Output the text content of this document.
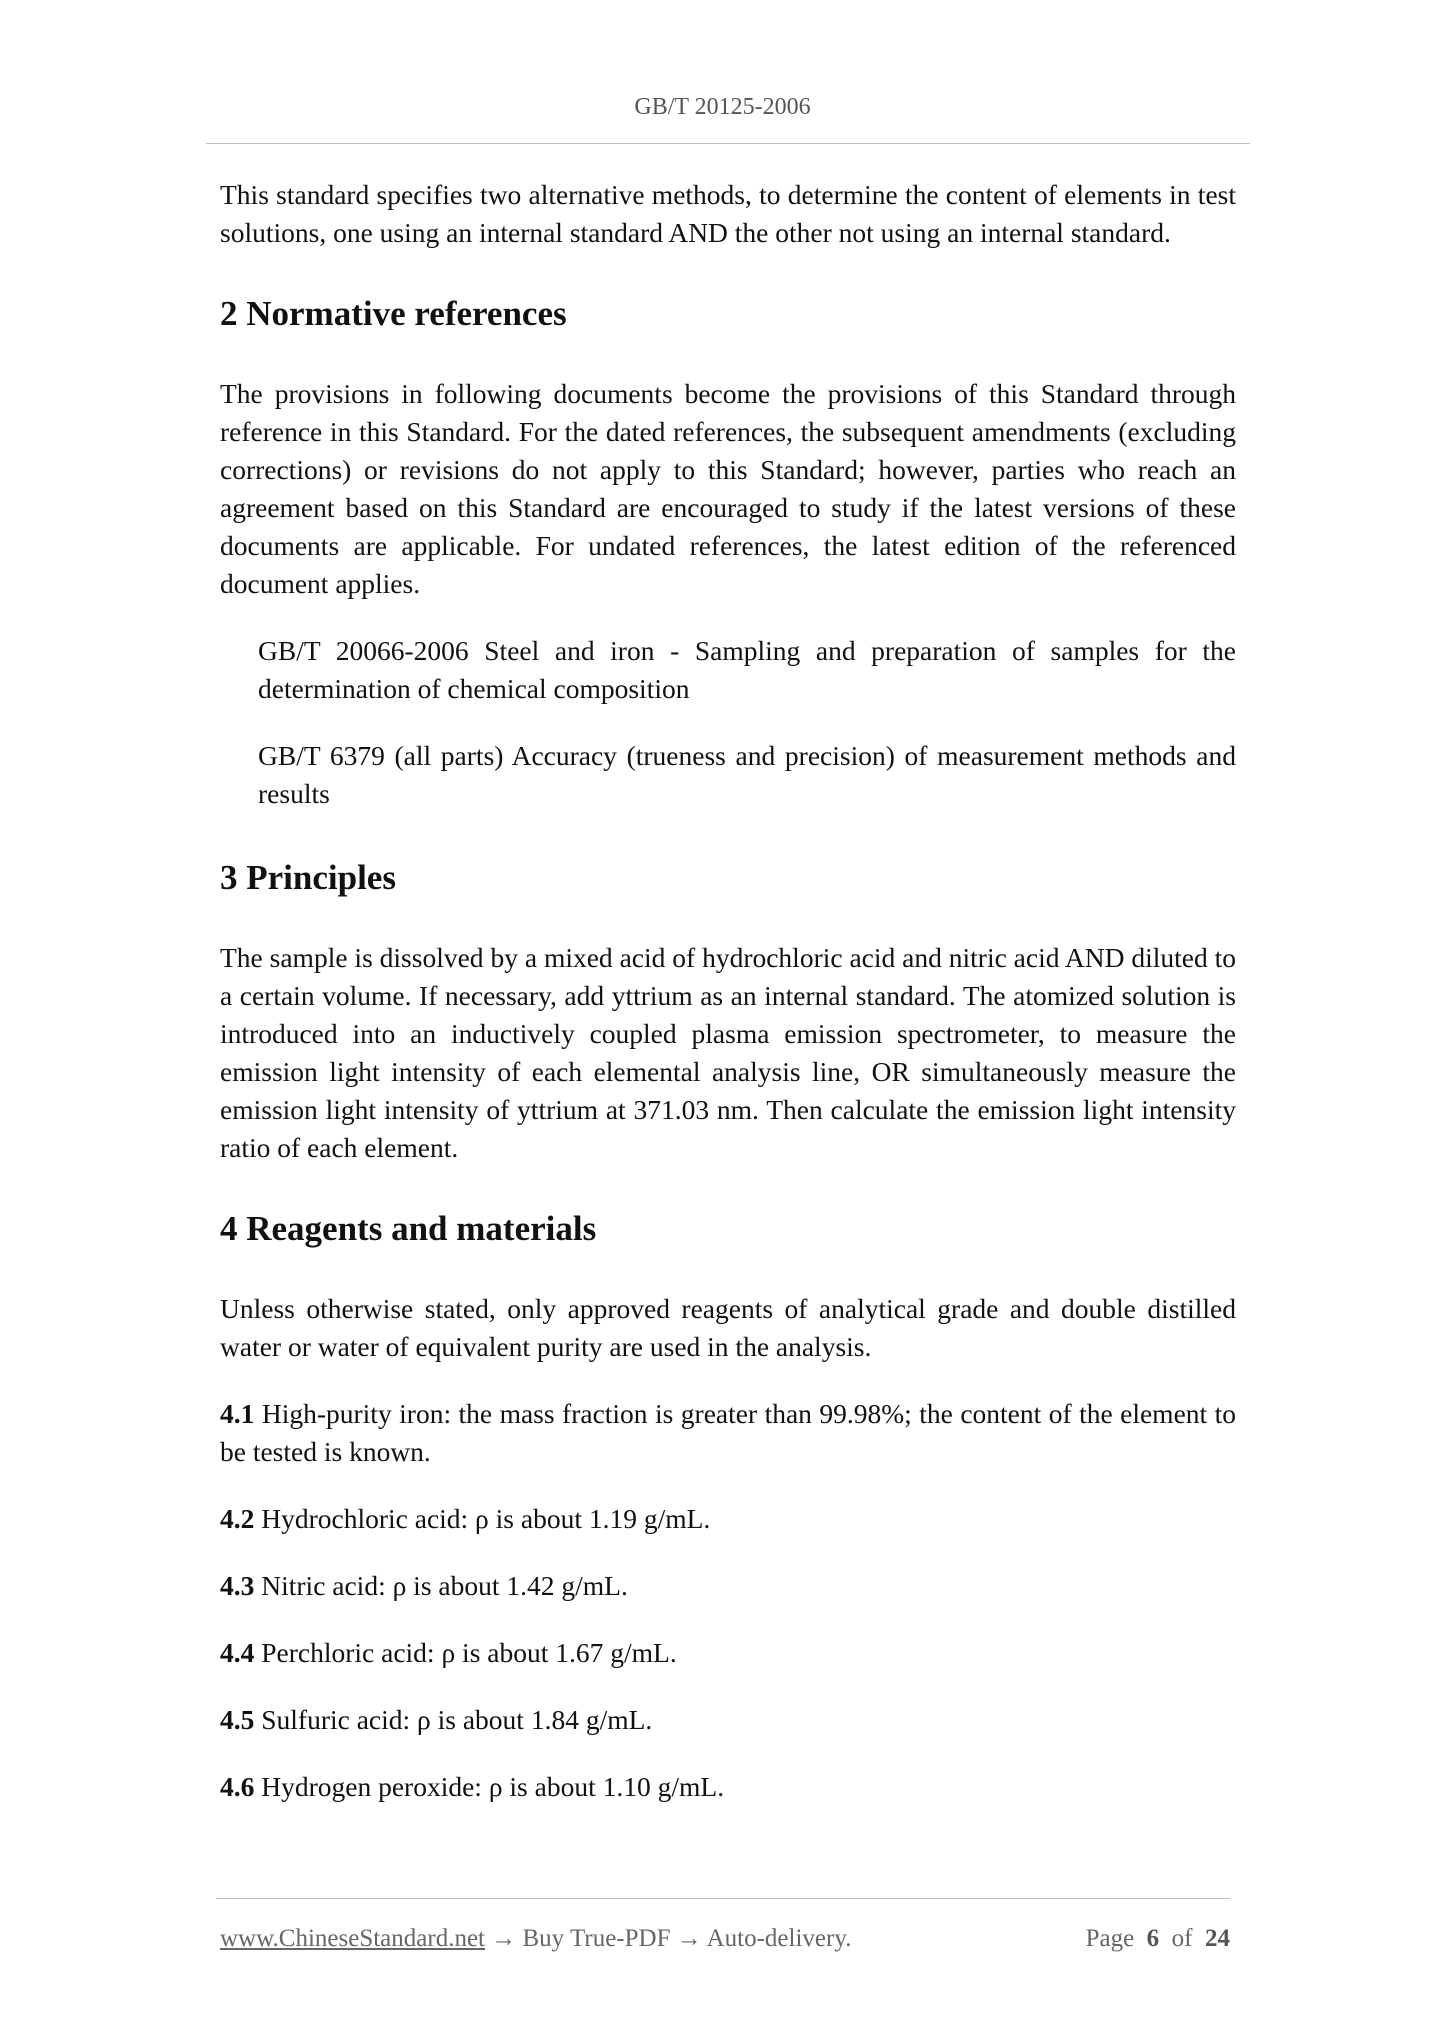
GB/T 20125-2006

This standard specifies two alternative methods, to determine the content of elements in test solutions, one using an internal standard AND the other not using an internal standard.

2 Normative references

The provisions in following documents become the provisions of this Standard through reference in this Standard. For the dated references, the subsequent amendments (excluding corrections) or revisions do not apply to this Standard; however, parties who reach an agreement based on this Standard are encouraged to study if the latest versions of these documents are applicable. For undated references, the latest edition of the referenced document applies.

GB/T 20066-2006 Steel and iron - Sampling and preparation of samples for the determination of chemical composition

GB/T 6379 (all parts) Accuracy (trueness and precision) of measurement methods and results

3 Principles

The sample is dissolved by a mixed acid of hydrochloric acid and nitric acid AND diluted to a certain volume. If necessary, add yttrium as an internal standard. The atomized solution is introduced into an inductively coupled plasma emission spectrometer, to measure the emission light intensity of each elemental analysis line, OR simultaneously measure the emission light intensity of yttrium at 371.03 nm. Then calculate the emission light intensity ratio of each element.

4 Reagents and materials

Unless otherwise stated, only approved reagents of analytical grade and double distilled water or water of equivalent purity are used in the analysis.

4.1 High-purity iron: the mass fraction is greater than 99.98%; the content of the element to be tested is known.

4.2 Hydrochloric acid: ρ is about 1.19 g/mL.

4.3 Nitric acid: ρ is about 1.42 g/mL.

4.4 Perchloric acid: ρ is about 1.67 g/mL.

4.5 Sulfuric acid: ρ is about 1.84 g/mL.

4.6 Hydrogen peroxide: ρ is about 1.10 g/mL.

www.ChineseStandard.net → Buy True-PDF → Auto-delivery.	Page 6 of 24
